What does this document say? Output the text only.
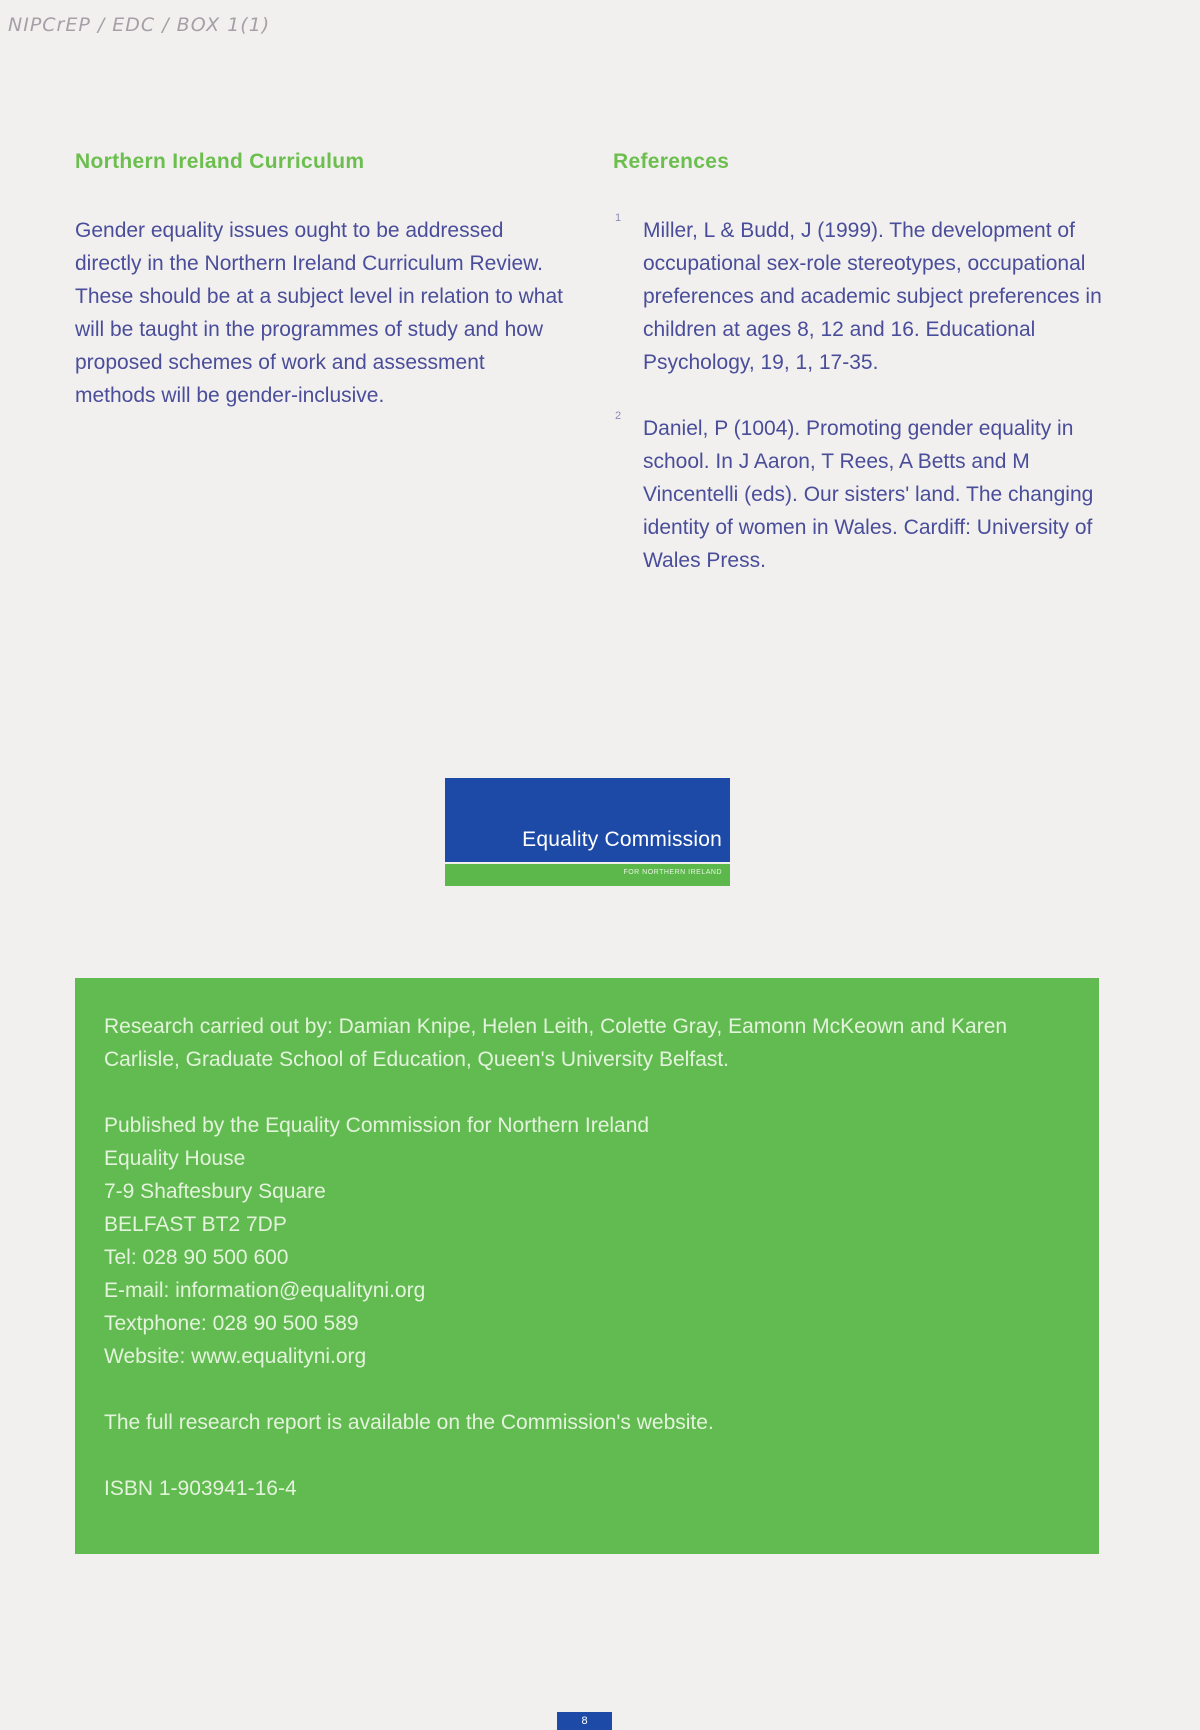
NIPCrEP / EDC / BOX 1(1)
Northern Ireland Curriculum

Gender equality issues ought to be addressed directly in the Northern Ireland Curriculum Review. These should be at a subject level in relation to what will be taught in the programmes of study and how proposed schemes of work and assessment methods will be gender-inclusive.

References
1
Miller, L & Budd, J (1999). The development of occupational sex-role stereotypes, occupational preferences and academic subject preferences in children at ages 8, 12 and 16. Educational Psychology, 19, 1, 17-35.
2
Daniel, P (1004). Promoting gender equality in school. In J Aaron, T Rees, A Betts and M Vincentelli (eds). Our sisters' land. The changing identity of women in Wales. Cardiff: University of Wales Press.
Equality Commission
FOR NORTHERN IRELAND

Research carried out by: Damian Knipe, Helen Leith, Colette Gray, Eamonn McKeown and Karen Carlisle, Graduate School of Education, Queen's University Belfast.

Published by the Equality Commission for Northern Ireland
Equality House
7-9 Shaftesbury Square
BELFAST BT2 7DP
Tel: 028 90 500 600
E-mail: information@equalityni.org
Textphone: 028 90 500 589
Website: www.equalityni.org

The full research report is available on the Commission's website.

ISBN 1-903941-16-4

8
